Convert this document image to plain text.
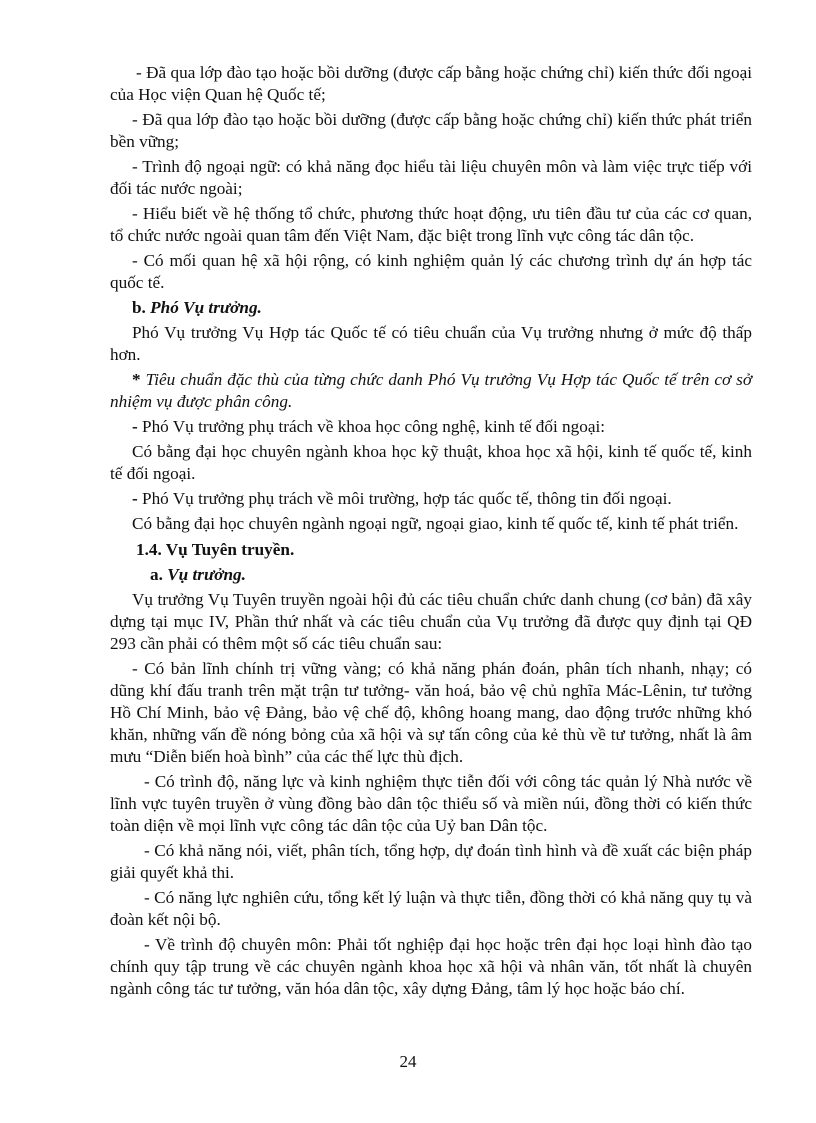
- Đã qua lớp đào tạo hoặc bồi dưỡng (được cấp bằng hoặc chứng chỉ) kiến thức đối ngoại của Học viện Quan hệ Quốc tế;

- Đã qua lớp đào tạo hoặc bồi dưỡng (được cấp bằng hoặc chứng chỉ) kiến thức phát triển bền vững;

- Trình độ ngoại ngữ: có khả năng đọc hiểu tài liệu chuyên môn và làm việc trực tiếp với đối tác nước ngoài;

- Hiểu biết về hệ thống tổ chức, phương thức hoạt động, ưu tiên đầu tư của các cơ quan, tổ chức nước ngoài quan tâm đến Việt Nam, đặc biệt trong lĩnh vực công tác dân tộc.

- Có mối quan hệ xã hội rộng, có kinh nghiệm quản lý các chương trình dự án hợp tác quốc tế.

b. Phó Vụ trưởng.

Phó Vụ trưởng Vụ Hợp tác Quốc tế có tiêu chuẩn của Vụ trưởng nhưng ở mức độ thấp hơn.

* Tiêu chuẩn đặc thù của từng chức danh Phó Vụ trưởng Vụ Hợp tác Quốc tế trên cơ sở nhiệm vụ được phân công.

- Phó Vụ trưởng phụ trách về khoa học công nghệ, kinh tế đối ngoại:

Có bằng đại học chuyên ngành khoa học kỹ thuật, khoa học xã hội, kinh tế quốc tế, kinh tế đối ngoại.

- Phó Vụ trưởng phụ trách về môi trường, hợp tác quốc tế, thông tin đối ngoại.

Có bằng đại học chuyên ngành ngoại ngữ, ngoại giao, kinh tế quốc tế, kinh tế phát triển.

1.4. Vụ Tuyên truyền.

a. Vụ trưởng.

Vụ trưởng Vụ Tuyên truyền ngoài hội đủ các tiêu chuẩn chức danh chung (cơ bản) đã xây dựng tại mục IV, Phần thứ nhất và các tiêu chuẩn của Vụ trưởng đã được quy định tại QĐ 293 cần phải có thêm một số các tiêu chuẩn sau:

- Có bản lĩnh chính trị vững vàng; có khả năng phán đoán, phân tích nhanh, nhạy; có dũng khí đấu tranh trên mặt trận tư tưởng- văn hoá, bảo vệ chủ nghĩa Mác-Lênin, tư tưởng Hồ Chí Minh, bảo vệ Đảng, bảo vệ chế độ, không hoang mang, dao động trước những khó khăn, những vấn đề nóng bỏng của xã hội và sự tấn công của kẻ thù về tư tưởng, nhất là âm mưu “Diễn biến hoà bình” của các thế lực thù địch.

- Có trình độ, năng lực và kinh nghiệm thực tiễn đối với công tác quản lý Nhà nước về lĩnh vực tuyên truyền ở vùng đồng bào dân tộc thiểu số và miền núi, đồng thời có kiến thức toàn diện về mọi lĩnh vực công tác dân tộc của Uỷ ban Dân tộc.

- Có khả năng nói, viết, phân tích, tổng hợp, dự đoán tình hình và đề xuất các biện pháp giải quyết khả thi.

- Có năng lực nghiên cứu, tổng kết lý luận và thực tiễn, đồng thời có khả năng quy tụ và đoàn kết nội bộ.

- Về trình độ chuyên môn: Phải tốt nghiệp đại học hoặc trên đại học loại hình đào tạo chính quy tập trung về các chuyên ngành khoa học xã hội và nhân văn, tốt nhất là chuyên ngành công tác tư tưởng, văn hóa dân tộc, xây dựng Đảng, tâm lý học hoặc báo chí.

24
